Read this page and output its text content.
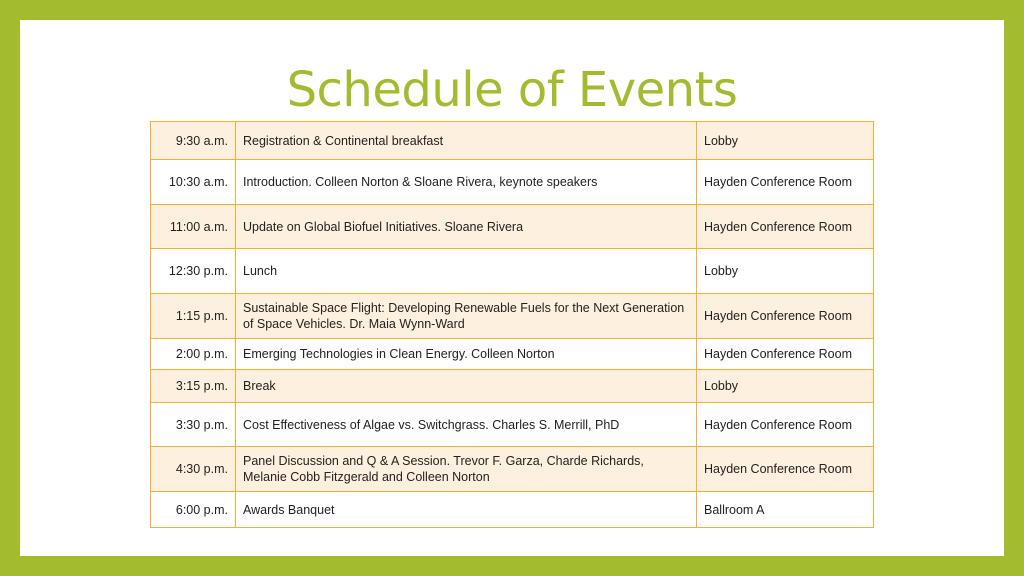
Schedule of Events
9:30 a.m.	Registration & Continental breakfast	Lobby
10:30 a.m.	Introduction. Colleen Norton & Sloane Rivera, keynote speakers	Hayden Conference Room
11:00 a.m.	Update on Global Biofuel Initiatives. Sloane Rivera	Hayden Conference Room
12:30 p.m.	Lunch	Lobby
1:15 p.m.	Sustainable Space Flight: Developing Renewable Fuels for the Next Generation of Space Vehicles. Dr. Maia Wynn-Ward	Hayden Conference Room
2:00 p.m.	Emerging Technologies in Clean Energy. Colleen Norton	Hayden Conference Room
3:15 p.m.	Break	Lobby
3:30 p.m.	Cost Effectiveness of Algae vs. Switchgrass. Charles S. Merrill, PhD	Hayden Conference Room
4:30 p.m.	Panel Discussion and Q & A Session. Trevor F. Garza, Charde Richards, Melanie Cobb Fitzgerald and Colleen Norton	Hayden Conference Room
6:00 p.m.	Awards Banquet	Ballroom A
